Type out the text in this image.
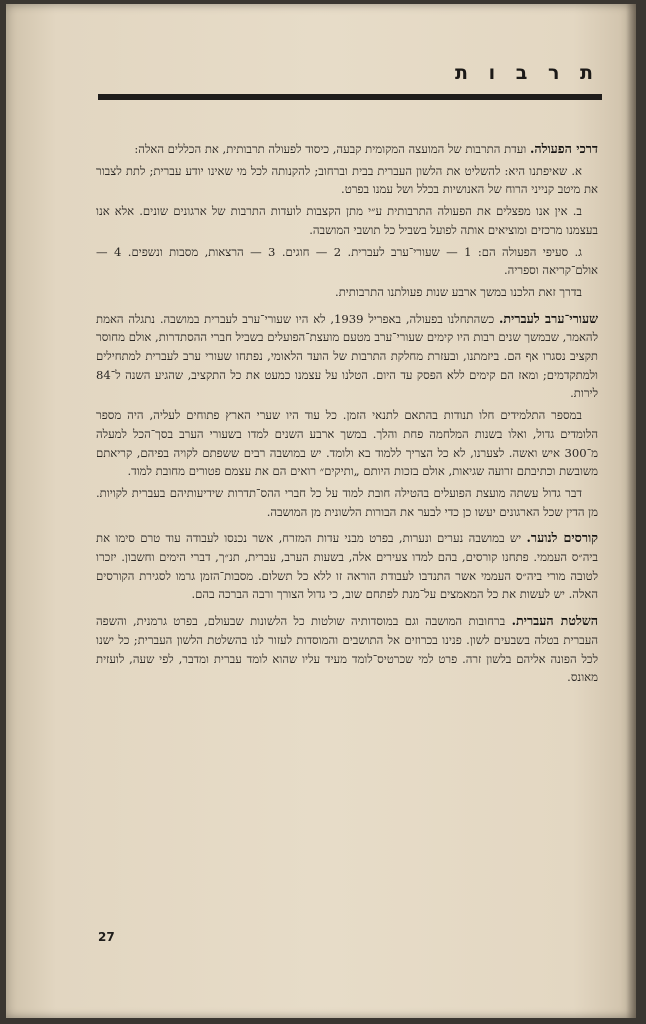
ת ר ב ו ת

דרכי הפעולה. ועדת התרבות של המועצה המקומית קבעה, כיסוד לפעולה תרבותית, את הכללים האלה:

א. שאיפתנו היא: להשליט את הלשון העברית בבית וברחוב; להקנותה לכל מי שאינו יודע עברית; לתת לצבור את מיטב קנייני הרוח של האנושיות בכלל ושל עמנו בפרט.

ב. אין אנו מפצלים את הפעולה התרבותית ע״י מתן הקצבות לועדות התרבות של ארגונים שונים. אלא אנו בעצמנו מרכזים ומוציאים אותה לפועל בשביל כל תושבי המושבה.

ג. סעיפי הפעולה הם: 1 — שעורי־ערב לעברית. 2 — חוגים. 3 — הרצאות, מסבות ונשפים. 4 — אולם־קריאה וספריה.

בדרך זאת הלכנו במשך ארבע שנות פעולתנו התרבותית.

שעורי־ערב לעברית. כשהתחלנו בפעולה, באפריל 1939, לא היו שעורי־ערב לעברית במושבה. נתגלה האמת להאמר, שבמשך שנים רבות היו קימים שעורי־ערב מטעם מועצת־הפועלים בשביל חברי ההסתדרות, אולם מחוסר תקציב נסגרו אף הם. ביזמתנו, ובעזרת מחלקת התרבות של הועד הלאומי, נפתחו שעורי ערב לעברית למתחילים ולמתקדמים; ומאז הם קימים ללא הפסק עד היום. הטלנו על עצמנו כמעט את כל התקציב, שהגיע השנה ל־84 לירות.

במספר התלמידים חלו תנודות בהתאם לתנאי הזמן. כל עוד היו שערי הארץ פתוחים לעליה, היה מספר הלומדים גדול, ואלו בשנות המלחמה פחת והלך. במשך ארבע השנים למדו בשעורי הערב בסך־הכל למעלה מ־300 איש ואשה. לצערנו, לא כל הצריך ללמוד בא ולומד. יש במושבה רבים ששפתם לקויה בפיהם, קריאתם משובשת וכתיבתם זרועה שגיאות, אולם בזכות היותם „ותיקים״ רואים הם את עצמם פטורים מחובת למוד.

דבר גדול עשתה מועצת הפועלים בהטילה חובת למוד על כל חברי ההס־תדרות שידיעותיהם בעברית לקויות. מן הדין שכל הארגונים יעשו כן כדי לבער את הבורות הלשונית מן המושבה.

קורסים לנוער. יש במושבה נערים ונערות, בפרט מבני עדות המזרח, אשר נכנסו לעבודה עוד טרם סימו את ביה״ס העממי. פתחנו קורסים, בהם למדו צעירים אלה, בשעות הערב, עברית, תנ״ך, דברי הימים וחשבון. יזכרו לטובה מורי ביה״ס העממי אשר התנדבו לעבודת הוראה זו ללא כל תשלום. מסבות־הזמן גרמו לסגירת הקורסים האלה. יש לעשות את כל המאמצים על־מנת לפתחם שוב, כי גדול הצורך ורבה הברכה בהם.

השלטת העברית. ברחובות המושבה וגם במוסדותיה שולטות כל הלשונות שבעולם, בפרט גרמנית, והשפה העברית בטלה בשבעים לשון. פנינו בכרוזים אל התושבים והמוסדות לעזור לנו בהשלטת הלשון העברית; כל ישנו לכל הפונה אליהם בלשון זרה. פרט למי שכרטיס־לומד מעיד עליו שהוא לומד עברית ומדבר, לפי שעה, לועזית מאונס.

27
